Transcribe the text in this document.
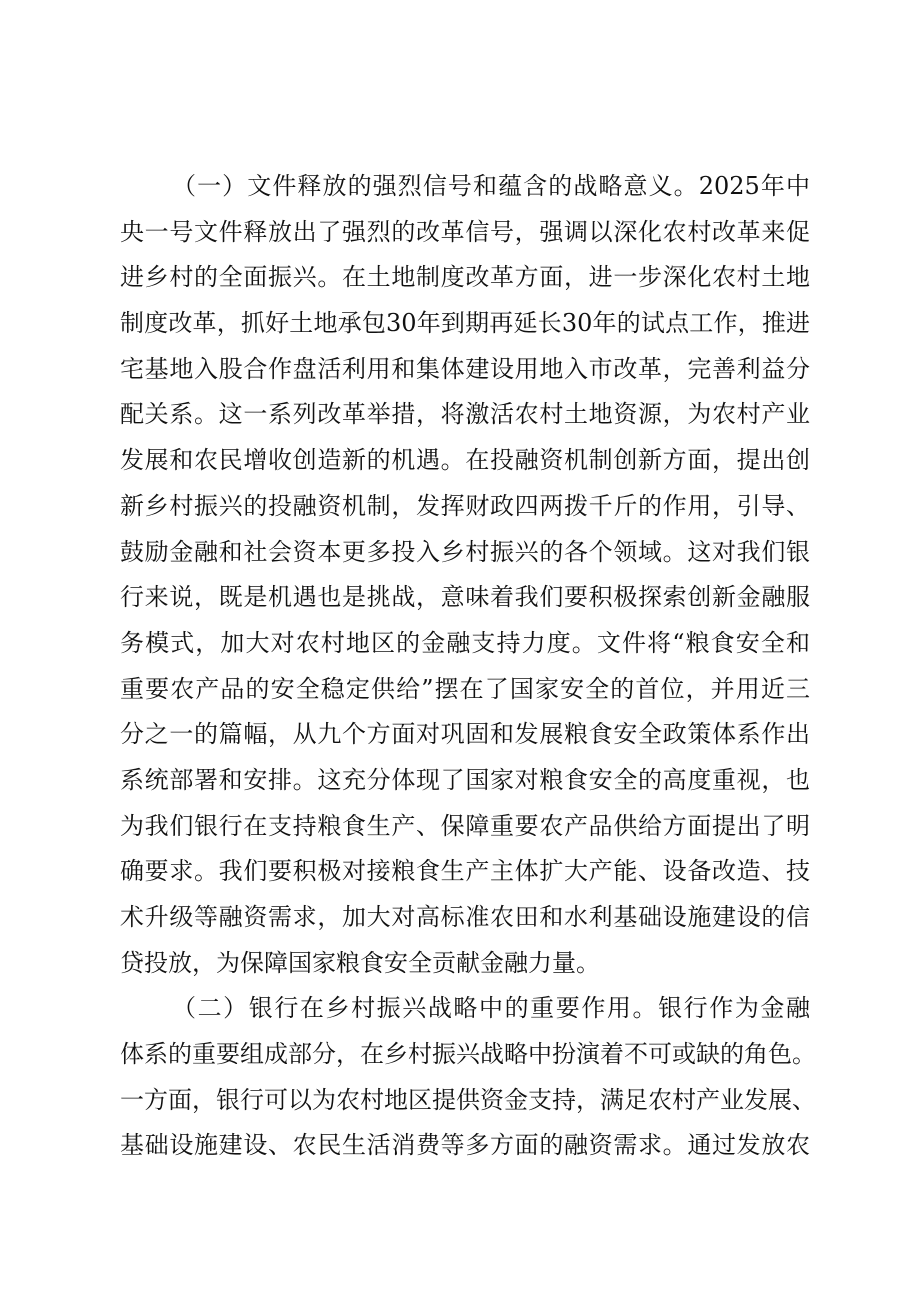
（一）文件释放的强烈信号和蕴含的战略意义。2025年中
央一号文件释放出了强烈的改革信号，强调以深化农村改革来促
进乡村的全面振兴。在土地制度改革方面，进一步深化农村土地
制度改革，抓好土地承包30年到期再延长30年的试点工作，推进
宅基地入股合作盘活利用和集体建设用地入市改革，完善利益分
配关系。这一系列改革举措，将激活农村土地资源，为农村产业
发展和农民增收创造新的机遇。在投融资机制创新方面，提出创
新乡村振兴的投融资机制，发挥财政四两拨千斤的作用，引导、
鼓励金融和社会资本更多投入乡村振兴的各个领域。这对我们银
行来说，既是机遇也是挑战，意味着我们要积极探索创新金融服
务模式，加大对农村地区的金融支持力度。文件将“粮食安全和
重要农产品的安全稳定供给”摆在了国家安全的首位，并用近三
分之一的篇幅，从九个方面对巩固和发展粮食安全政策体系作出
系统部署和安排。这充分体现了国家对粮食安全的高度重视，也
为我们银行在支持粮食生产、保障重要农产品供给方面提出了明
确要求。我们要积极对接粮食生产主体扩大产能、设备改造、技
术升级等融资需求，加大对高标准农田和水利基础设施建设的信
贷投放，为保障国家粮食安全贡献金融力量。
（二）银行在乡村振兴战略中的重要作用。银行作为金融
体系的重要组成部分，在乡村振兴战略中扮演着不可或缺的角色。
一方面，银行可以为农村地区提供资金支持，满足农村产业发展、
基础设施建设、农民生活消费等多方面的融资需求。通过发放农
